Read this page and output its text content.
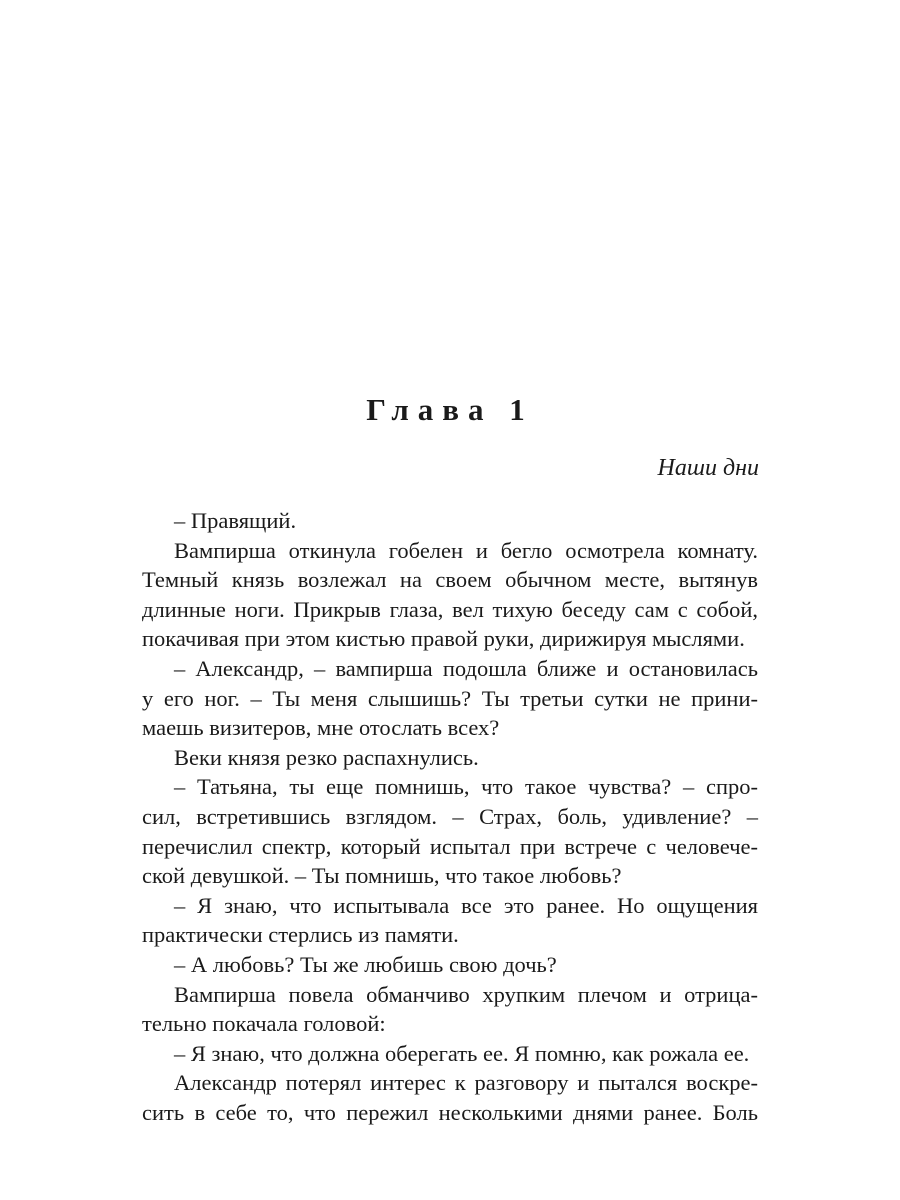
Глава 1

Наши дни

– Правящий.
Вампирша откинула гобелен и бегло осмотрела комнату.
Темный князь возлежал на своем обычном месте, вытянув
длинные ноги. Прикрыв глаза, вел тихую беседу сам с собой,
покачивая при этом кистью правой руки, дирижируя мыслями.
– Александр, – вампирша подошла ближе и остановилась
у его ног. – Ты меня слышишь? Ты третьи сутки не прини-
маешь визитеров, мне отослать всех?
Веки князя резко распахнулись.
– Татьяна, ты еще помнишь, что такое чувства? – спро-
сил, встретившись взглядом. – Страх, боль, удивление? –
перечислил спектр, который испытал при встрече с человече-
ской девушкой. – Ты помнишь, что такое любовь?
– Я знаю, что испытывала все это ранее. Но ощущения
практически стерлись из памяти.
– А любовь? Ты же любишь свою дочь?
Вампирша повела обманчиво хрупким плечом и отрица-
тельно покачала головой:
– Я знаю, что должна оберегать ее. Я помню, как рожала ее.
Александр потерял интерес к разговору и пытался воскре-
сить в себе то, что пережил несколькими днями ранее. Боль
